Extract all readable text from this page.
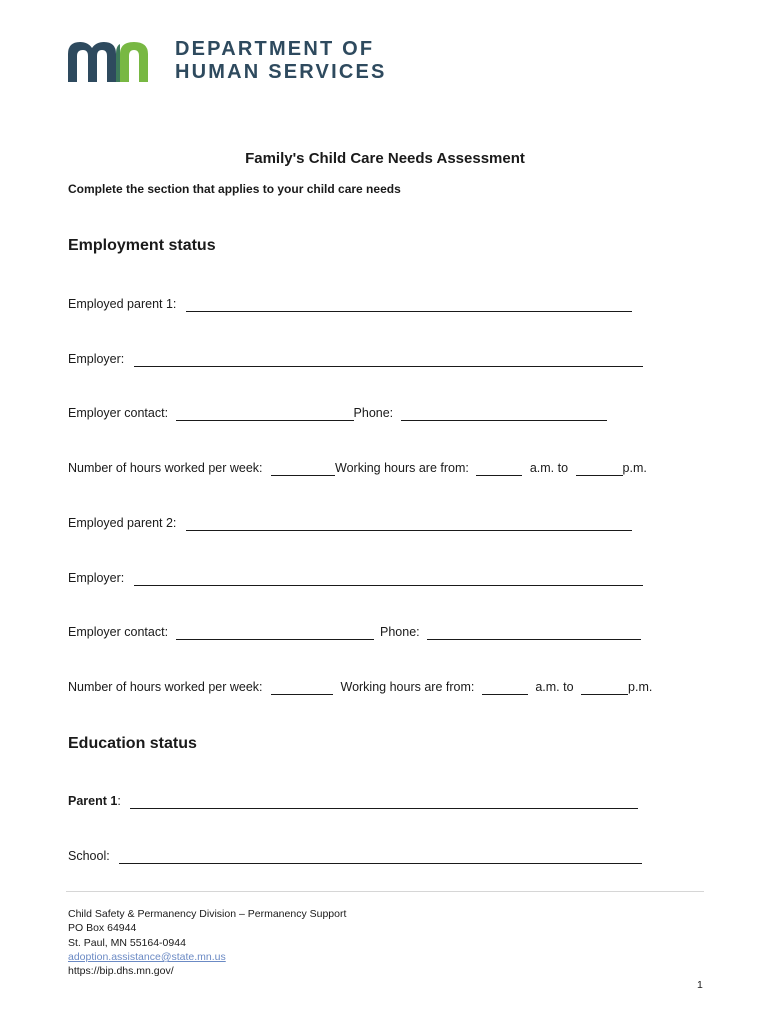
DEPARTMENT OF
HUMAN SERVICES
Family's Child Care Needs Assessment
Complete the section that applies to your child care needs
Employment status
Employed parent 1:
Employer:
Employer contact:	Phone:
Number of hours worked per week:	Working hours are from:	a.m. to	p.m.
Employed parent 2:
Employer:
Employer contact:	Phone:
Number of hours worked per week:	Working hours are from:	a.m. to	p.m.
Education status
Parent 1:
School:
Child Safety & Permanency Division – Permanency Support
PO Box 64944
St. Paul, MN 55164-0944
adoption.assistance@state.mn.us
https://bip.dhs.mn.gov/
1
